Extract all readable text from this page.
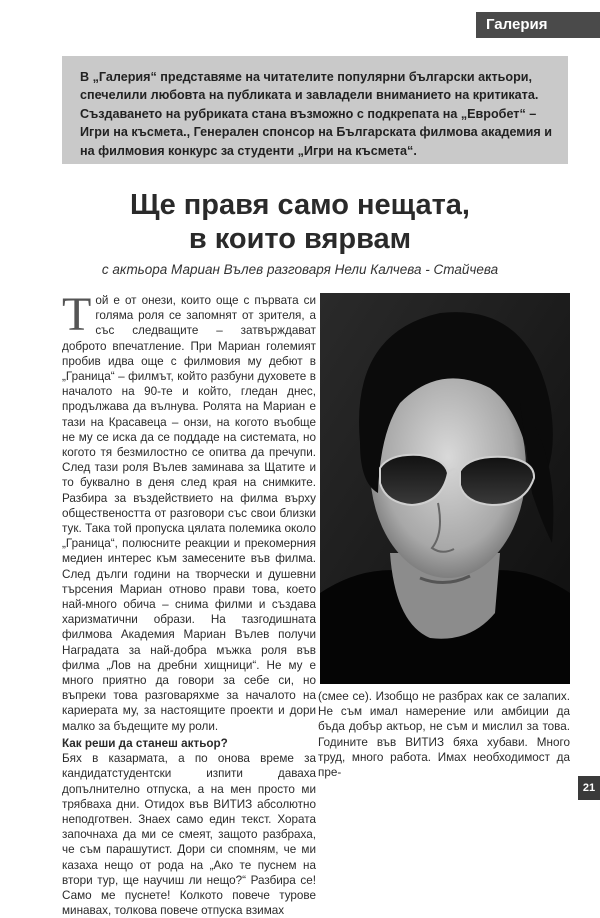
Галерия

В „Галерия“ представяме на читателите популярни български актьори, спечелили любовта на публиката и завладели вниманието на критиката. Създаването на рубриката стана възможно с подкрепата на „Евробет“ – Игри на късмета., Генерален спонсор на Българската филмова академия и на филмовия конкурс за студенти „Игри на късмета“.

Ще правя само нещата,
в които вярвам
с актьора Мариан Вълев разговаря Нели Калчева - Стайчева

Той е от онези, които още с първата си голяма роля се запомнят от зрителя, а със следващите – затвърждават доброто впечатление. При Мариан големият пробив идва още с филмовия му дебют в „Граница“ – филмът, който разбуни духовете в началото на 90-те и който, гледан днес, продължава да вълнува. Ролята на Мариан е тази на Красавеца – онзи, на когото въобще не му се иска да се поддаде на системата, но когото тя безмилостно се опитва да пречупи. След тази роля Вълев заминава за Щатите и то буквално в деня след края на снимките. Разбира за въздействието на филма върху обществеността от разговори със свои близки тук. Така той пропуска цялата полемика около „Граница“, полюсните реакции и прекомерния медиен интерес към замесените във филма. След дълги години на творчески и душевни търсения Мариан отново прави това, което най-много обича – снима филми и създава харизматични образи. На тазгодишната филмова Академия Мариан Вълев получи Наградата за най-добра мъжка роля във филма „Лов на дребни хищници“. Не му е много приятно да говори за себе си, но въпреки това разговаряхме за началото на кариерата му, за настоящите проекти и дори малко за бъдещите му роли.

Как реши да станеш актьор?

Бях в казармата, а по онова време за кандидатстудентски изпити даваха допълнително отпуска, а на мен просто ми трябваха дни. Отидох във ВИТИЗ абсолютно неподготвен. Знаех само един текст. Хората започнаха да ми се смеят, защото разбраха, че съм парашутист. Дори си спомням, че ми казаха нещо от рода на „Ако те пуснем на втори тур, ще научиш ли нещо?“ Разбира се! Само ме пуснете! Колкото повече турове минавах, толкова повече отпуска взимах

(смее се). Изобщо не разбрах как се залапих. Не съм имал намерение или амбиции да бъда добър актьор, не съм и мислил за това. Годините във ВИТИЗ бяха хубави. Много труд, много работа. Имах необходимост да пре-

21
